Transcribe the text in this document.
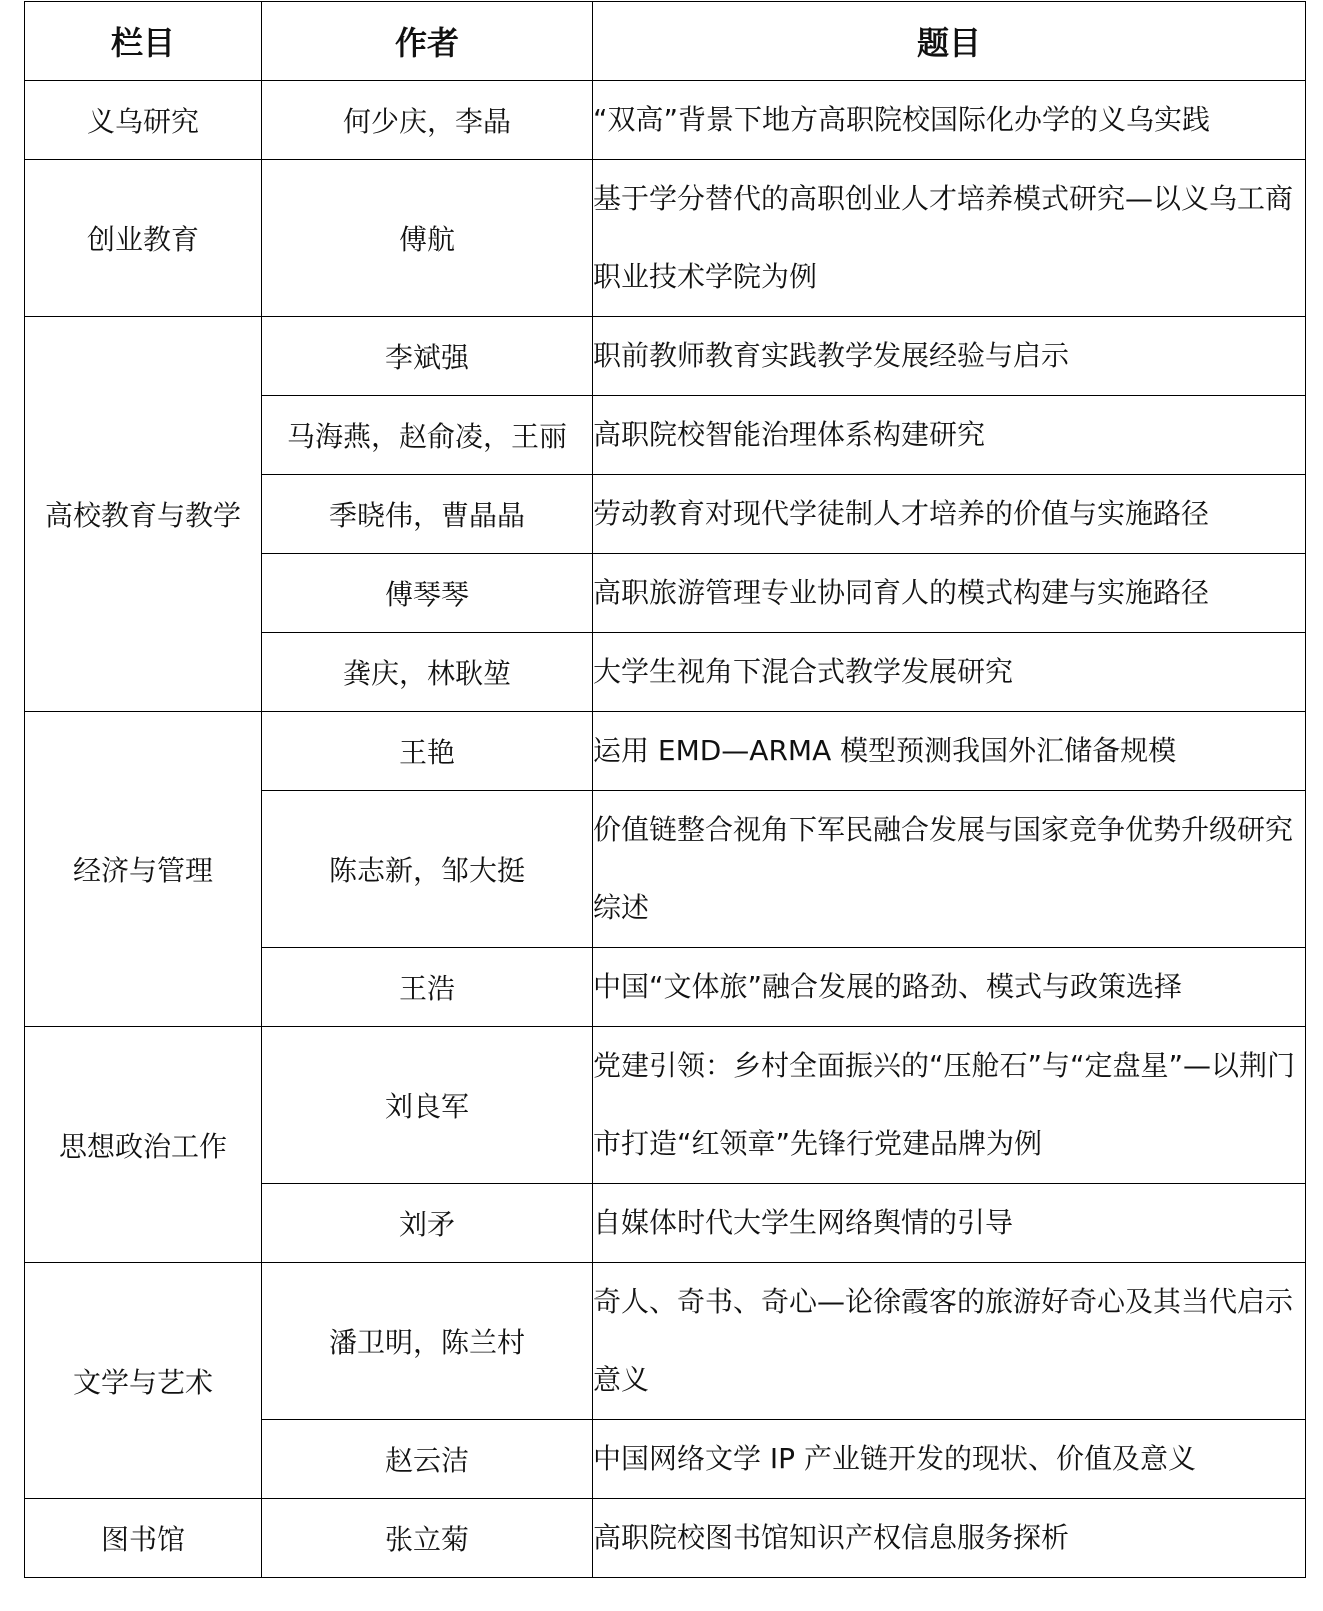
栏目	作者	题目
义乌研究	何少庆，李晶	“双高”背景下地方高职院校国际化办学的义乌实践

创业教育	傅航	基于学分替代的高职创业人才培养模式研究—以义乌工商职业技术学院为例

高校教育与教学	李斌强	职前教师教育实践教学发展经验与启示

	马海燕，赵俞凌，王丽	高职院校智能治理体系构建研究

	季晓伟，曹晶晶	劳动教育对现代学徒制人才培养的价值与实施路径

	傅琴琴	高职旅游管理专业协同育人的模式构建与实施路径

	龚庆，林耿堃	大学生视角下混合式教学发展研究

经济与管理	王艳	运用 EMD—ARMA 模型预测我国外汇储备规模

	陈志新，邹大挺	价值链整合视角下军民融合发展与国家竞争优势升级研究综述

	王浩	中国“文体旅”融合发展的路劲、模式与政策选择

思想政治工作	刘良军	党建引领：乡村全面振兴的“压舱石”与“定盘星”—以荆门市打造“红领章”先锋行党建品牌为例

	刘矛	自媒体时代大学生网络舆情的引导

文学与艺术	潘卫明，陈兰村	奇人、奇书、奇心—论徐霞客的旅游好奇心及其当代启示意义

	赵云洁	中国网络文学 IP 产业链开发的现状、价值及意义

图书馆	张立菊	高职院校图书馆知识产权信息服务探析
